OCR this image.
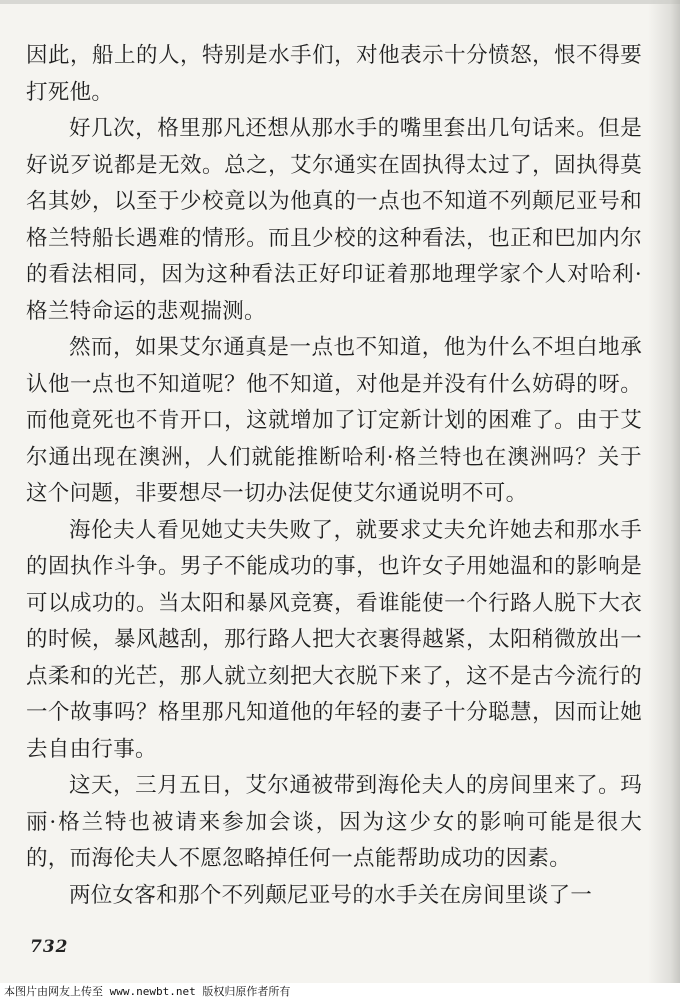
因此，船上的人，特别是水手们，对他表示十分愤怒，恨不得要打死他。

好几次，格里那凡还想从那水手的嘴里套出几句话来。但是好说歹说都是无效。总之，艾尔通实在固执得太过了，固执得莫名其妙，以至于少校竟以为他真的一点也不知道不列颠尼亚号和格兰特船长遇难的情形。而且少校的这种看法，也正和巴加内尔的看法相同，因为这种看法正好印证着那地理学家个人对哈利·格兰特命运的悲观揣测。

然而，如果艾尔通真是一点也不知道，他为什么不坦白地承认他一点也不知道呢？他不知道，对他是并没有什么妨碍的呀。而他竟死也不肯开口，这就增加了订定新计划的困难了。由于艾尔通出现在澳洲，人们就能推断哈利·格兰特也在澳洲吗？关于这个问题，非要想尽一切办法促使艾尔通说明不可。

海伦夫人看见她丈夫失败了，就要求丈夫允许她去和那水手的固执作斗争。男子不能成功的事，也许女子用她温和的影响是可以成功的。当太阳和暴风竞赛，看谁能使一个行路人脱下大衣的时候，暴风越刮，那行路人把大衣裹得越紧，太阳稍微放出一点柔和的光芒，那人就立刻把大衣脱下来了，这不是古今流行的一个故事吗？格里那凡知道他的年轻的妻子十分聪慧，因而让她去自由行事。

这天，三月五日，艾尔通被带到海伦夫人的房间里来了。玛丽·格兰特也被请来参加会谈，因为这少女的影响可能是很大的，而海伦夫人不愿忽略掉任何一点能帮助成功的因素。

两位女客和那个不列颠尼亚号的水手关在房间里谈了一

732
本图片由网友上传至 www.newbt.net 版权归原作者所有
